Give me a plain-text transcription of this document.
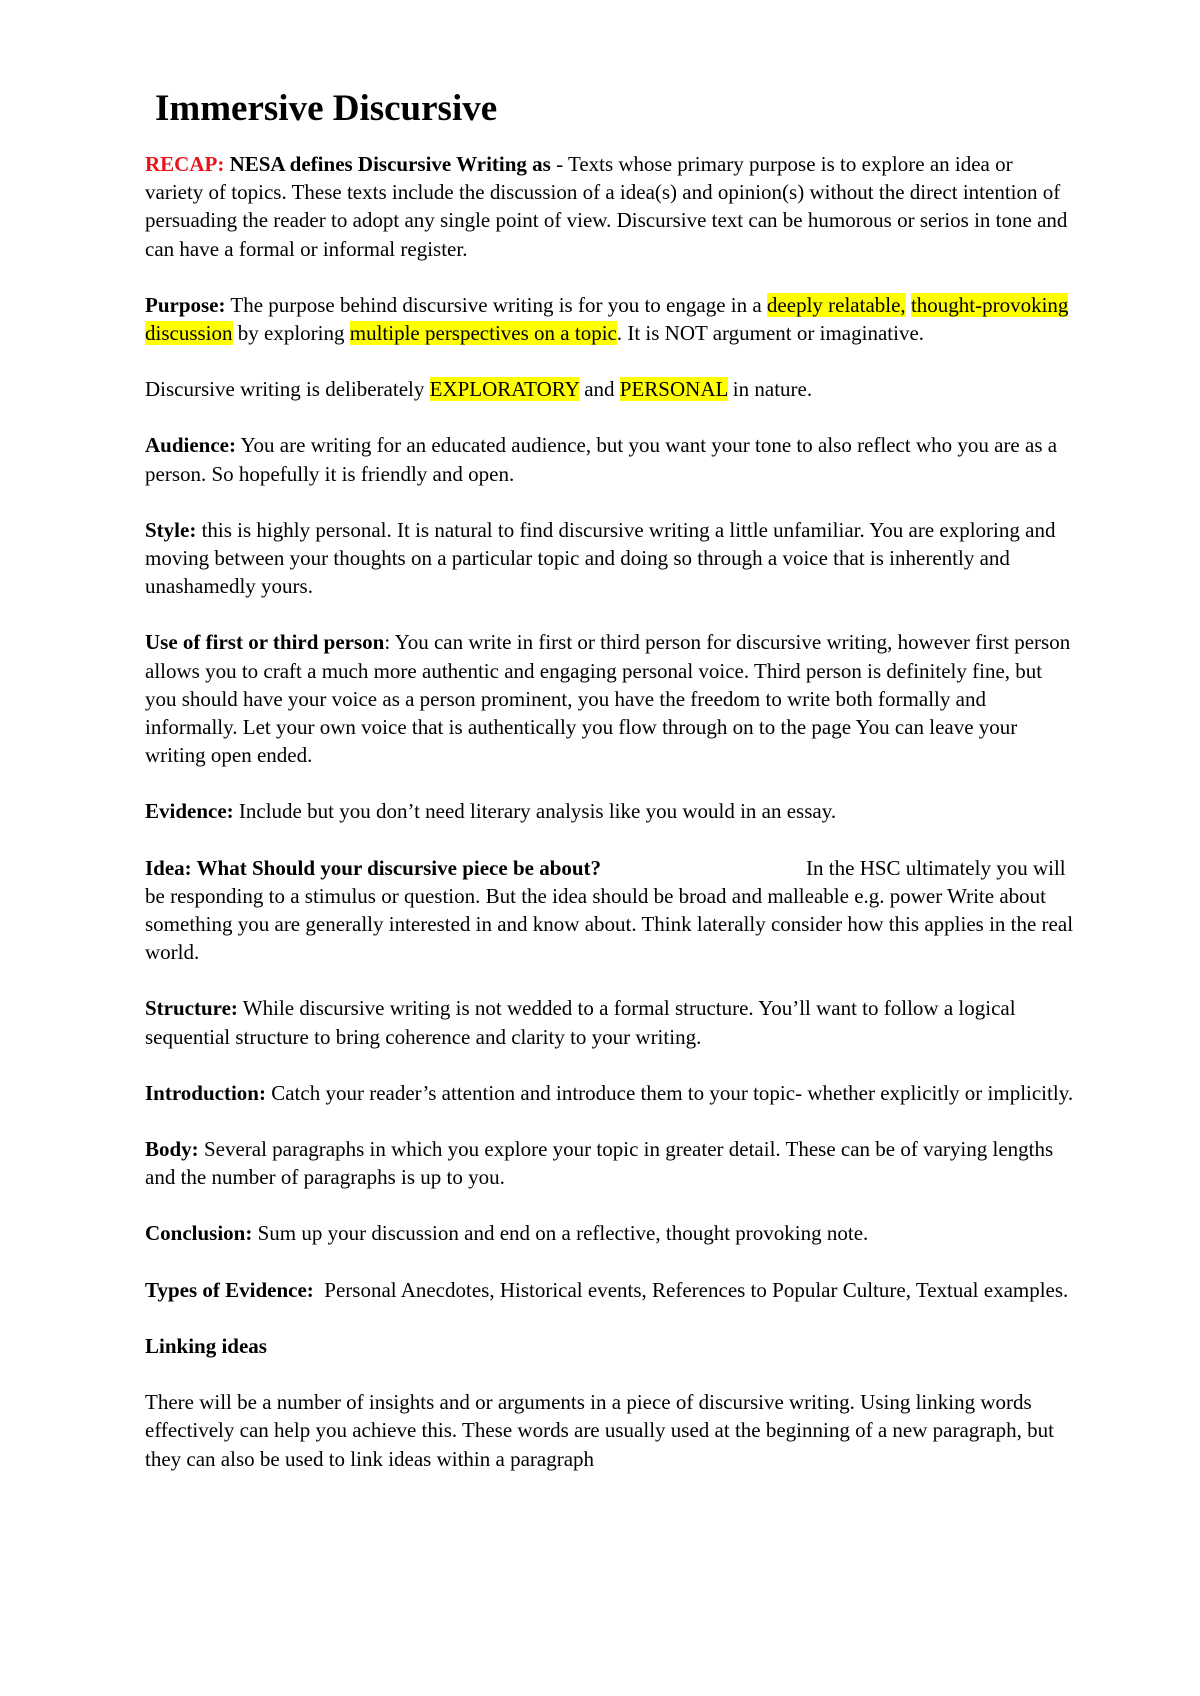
Immersive Discursive

RECAP: NESA defines Discursive Writing as - Texts whose primary purpose is to explore an idea or variety of topics. These texts include the discussion of a idea(s) and opinion(s) without the direct intention of persuading the reader to adopt any single point of view. Discursive text can be humorous or serios in tone and can have a formal or informal register.

Purpose: The purpose behind discursive writing is for you to engage in a deeply relatable, thought-provoking discussion by exploring multiple perspectives on a topic. It is NOT argument or imaginative.

Discursive writing is deliberately EXPLORATORY and PERSONAL in nature.

Audience: You are writing for an educated audience, but you want your tone to also reflect who you are as a person. So hopefully it is friendly and open.

Style: this is highly personal. It is natural to find discursive writing a little unfamiliar. You are exploring and moving between your thoughts on a particular topic and doing so through a voice that is inherently and unashamedly yours.

Use of first or third person: You can write in first or third person for discursive writing, however first person allows you to craft a much more authentic and engaging personal voice. Third person is definitely fine, but you should have your voice as a person prominent, you have the freedom to write both formally and informally. Let your own voice that is authentically you flow through on to the page You can leave your writing open ended.

Evidence: Include but you don’t need literary analysis like you would in an essay.

Idea: What Should your discursive piece be about?	In the HSC ultimately you will be responding to a stimulus or question. But the idea should be broad and malleable e.g. power Write about something you are generally interested in and know about. Think laterally consider how this applies in the real world.

Structure: While discursive writing is not wedded to a formal structure. You’ll want to follow a logical sequential structure to bring coherence and clarity to your writing.

Introduction: Catch your reader’s attention and introduce them to your topic- whether explicitly or implicitly.

Body: Several paragraphs in which you explore your topic in greater detail. These can be of varying lengths and the number of paragraphs is up to you.

Conclusion: Sum up your discussion and end on a reflective, thought provoking note.

Types of Evidence:  Personal Anecdotes, Historical events, References to Popular Culture, Textual examples.

Linking ideas

There will be a number of insights and or arguments in a piece of discursive writing. Using linking words effectively can help you achieve this. These words are usually used at the beginning of a new paragraph, but they can also be used to link ideas within a paragraph
